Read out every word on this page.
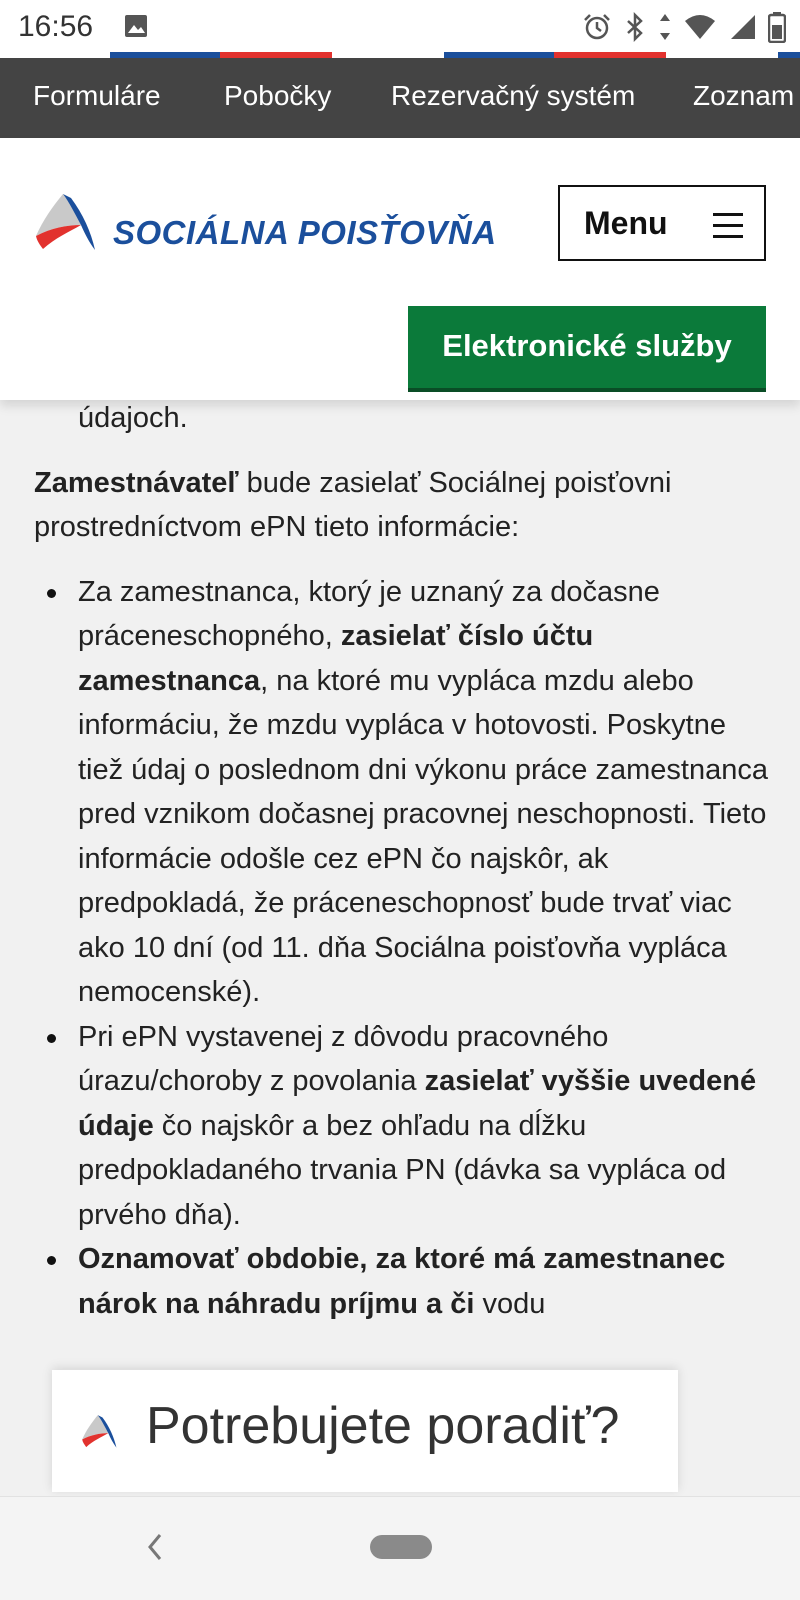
16:56
Formuláre Pobočky Rezervačný systém Zoznam
údajoch.

Zamestnávateľ bude zasielať Sociálnej poisťovni prostredníctvom ePN tieto informácie:

Za zamestnanca, ktorý je uznaný za dočasne práceneschopného, zasielať číslo účtu zamestnanca, na ktoré mu vypláca mzdu alebo informáciu, že mzdu vypláca v hotovosti. Poskytne tiež údaj o poslednom dni výkonu práce zamestnanca pred vznikom dočasnej pracovnej neschopnosti. Tieto informácie odošle cez ePN čo najskôr, ak predpokladá, že práceneschopnosť bude trvať viac ako 10 dní (od 11. dňa Sociálna poisťovňa vypláca nemocenské).
Pri ePN vystavenej z dôvodu pracovného úrazu/choroby z povolania zasielať vyššie uvedené údaje čo najskôr a bez ohľadu na dĺžku predpokladaného trvania PN (dávka sa vypláca od prvého dňa).
Oznamovať obdobie, za ktoré má zamestnanec nárok na náhradu príjmu a či vodu
SOCIÁLNA POISŤOVŇA	Menu
Elektronické služby
Potrebujete poradiť?
